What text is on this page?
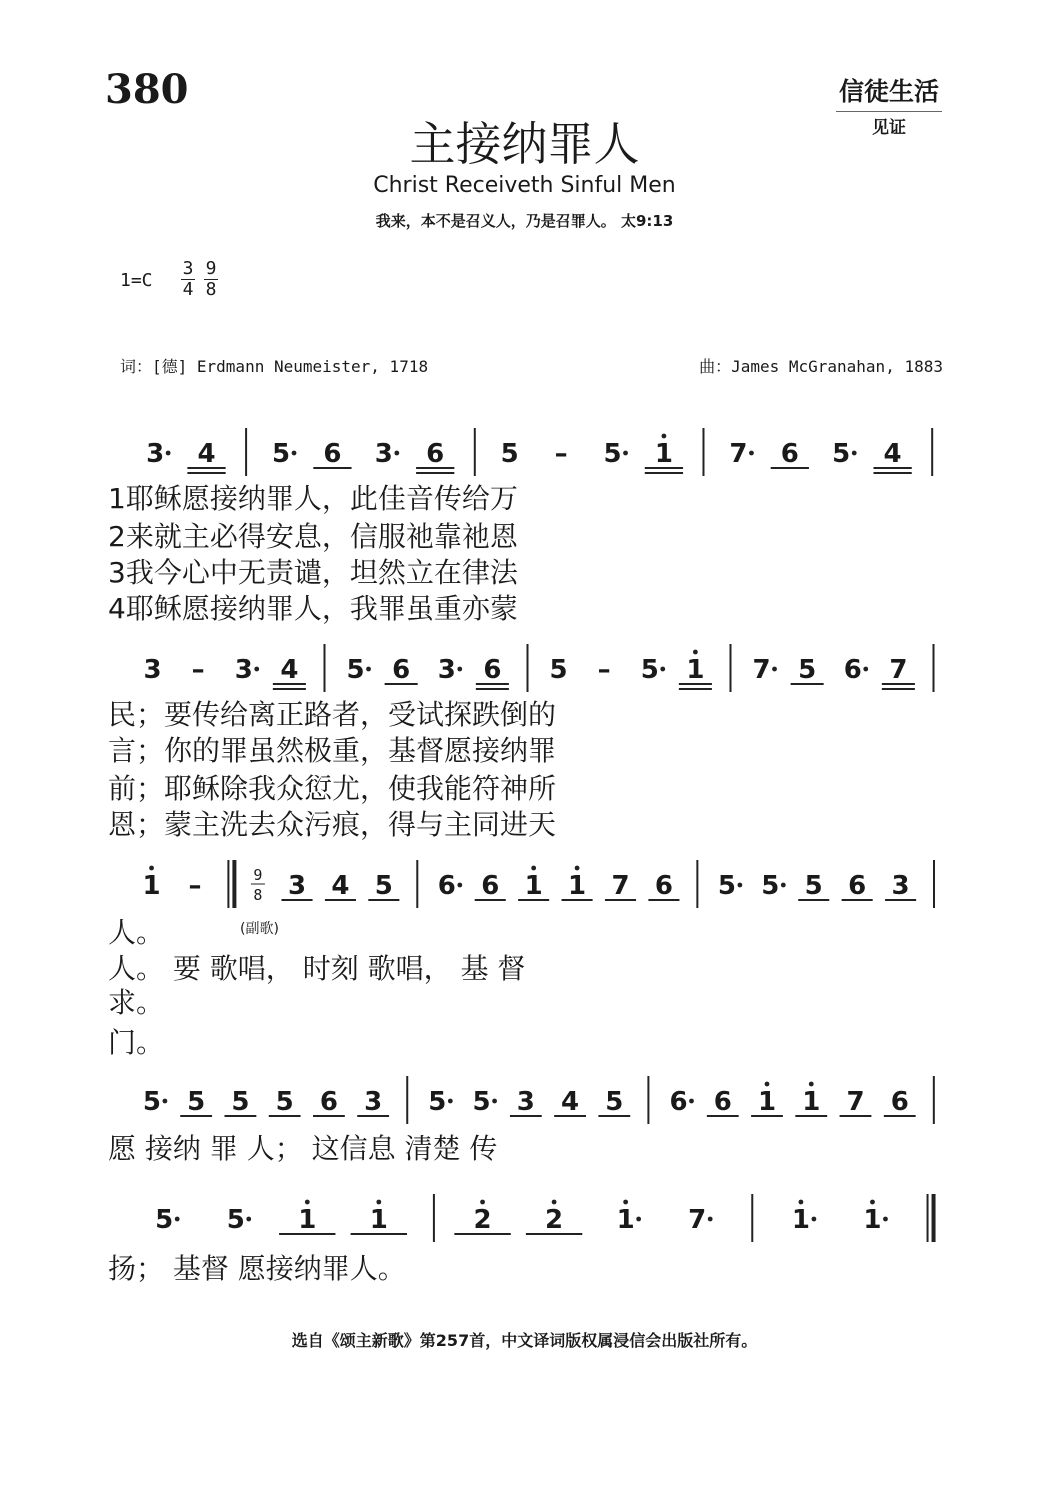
380	信徒生活
见证
主接纳罪人
Christ Receiveth Sinful Men
我来，本不是召义人，乃是召罪人。 太9:13
$1=C \frac{3}{4} \frac{9}{8}$
词：[德] Erdmann Neumeister, 1718	曲：James McGranahan, 1883
(副歌)
3 4 5 6 3 6 5 – 5 1 7 6 5 4
1耶稣愿接纳罪人，此佳音传给万
2来就主必得安息，信服祂靠祂恩
3我今心中无责谴，坦然立在律法
4耶稣愿接纳罪人，我罪虽重亦蒙
3 – 3 4 5 6 3 6 5 – 5 1 7 5 6 7
民；要传给离正路者，受试探跌倒的
言；你的罪虽然极重，基督愿接纳罪
前；耶稣除我众愆尤，使我能符神所
恩；蒙主洗去众污痕，得与主同进天
1 –	9
8 3 4 5 6 6 1 1 7 6 5 5 5 6 3
人。
人。 要 歌唱， 时刻 歌唱， 基 督
求。
门。
5 5 5 5 6 3 5 5 3 4 5 6 6 1 1 7 6
愿 接纳 罪 人； 这信息 清楚 传
5 5 1 1	2 2 1 7	1 1
扬； 基督 愿接纳罪人。
选自《颂主新歌》第257首，中文译词版权属浸信会出版社所有。
